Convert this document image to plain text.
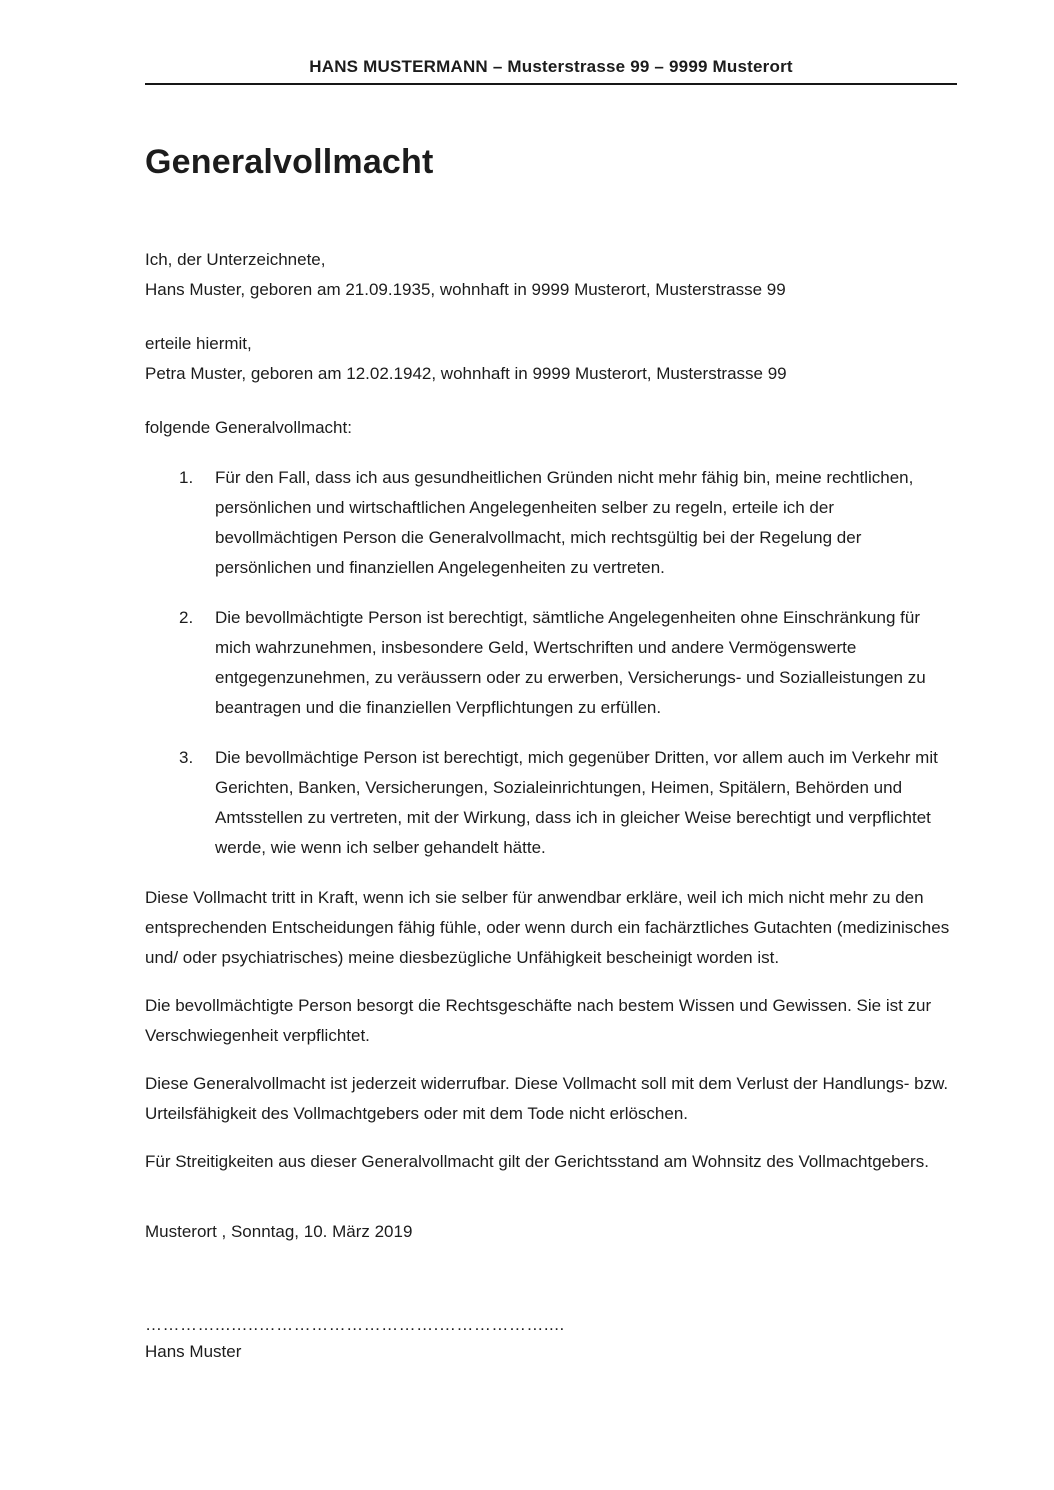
HANS MUSTERMANN – Musterstrasse 99 – 9999 Musterort
Generalvollmacht
Ich, der Unterzeichnete,
Hans Muster, geboren am 21.09.1935, wohnhaft in 9999 Musterort, Musterstrasse 99
erteile hiermit,
Petra Muster, geboren am 12.02.1942, wohnhaft in 9999 Musterort, Musterstrasse 99
folgende Generalvollmacht:
1.	Für den Fall, dass ich aus gesundheitlichen Gründen nicht mehr fähig bin, meine rechtlichen, persönlichen und wirtschaftlichen Angelegenheiten selber zu regeln, erteile ich der bevollmächtigen Person die Generalvollmacht, mich rechtsgültig bei der Regelung der persönlichen und finanziellen Angelegenheiten zu vertreten.
2.	Die bevollmächtigte Person ist berechtigt, sämtliche Angelegenheiten ohne Einschränkung für mich wahrzunehmen, insbesondere Geld, Wertschriften und andere Vermögenswerte entgegenzunehmen, zu veräussern oder zu erwerben, Versicherungs- und Sozialleistungen zu beantragen und die finanziellen Verpflichtungen zu erfüllen.
3.	Die bevollmächtige Person ist berechtigt, mich gegenüber Dritten, vor allem auch im Verkehr mit Gerichten, Banken, Versicherungen, Sozialeinrichtungen, Heimen, Spitälern, Behörden und Amtsstellen zu vertreten, mit der Wirkung, dass ich in gleicher Weise berechtigt und verpflichtet werde, wie wenn ich selber gehandelt hätte.
Diese Vollmacht tritt in Kraft, wenn ich sie selber für anwendbar erkläre, weil ich mich nicht mehr zu den entsprechenden Entscheidungen fähig fühle, oder wenn durch ein fachärztliches Gutachten (medizinisches und/ oder psychiatrisches) meine diesbezügliche Unfähigkeit bescheinigt worden ist.
Die bevollmächtigte Person besorgt die Rechtsgeschäfte nach bestem Wissen und Gewissen. Sie ist zur Verschwiegenheit verpflichtet.
Diese Generalvollmacht ist jederzeit widerrufbar. Diese Vollmacht soll mit dem Verlust der Handlungs- bzw. Urteilsfähigkeit des Vollmachtgebers oder mit dem Tode nicht erlöschen.
Für Streitigkeiten aus dieser Generalvollmacht gilt der Gerichtsstand am Wohnsitz des Vollmachtgebers.
Musterort , Sonntag, 10. März 2019
…………...…..………………………….………………....
Hans Muster
